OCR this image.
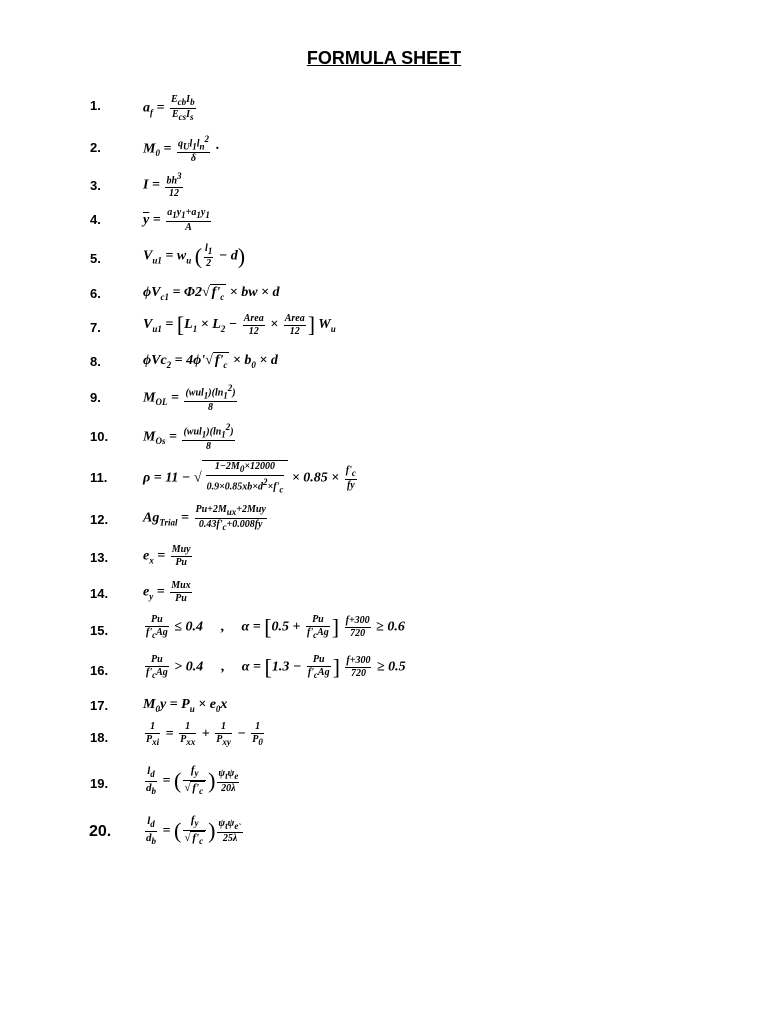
FORMULA SHEET
1.	$a_f = \frac{E_{cb}I_b}{E_{cs}I_s}$
2.	$M_0 = \frac{q_Ul_1l_n^2}{\delta}$ ·
3.	$I = \frac{bh^3}{12}$
4.	$\overline{y} = \frac{a_1y_1+a_1y_1}{A}$
5.	$V_{u1} = w_u$ ( $\frac{l_1}{2} - d$)
6.	$\phi V_{c1} = \Phi 2√$ $f'_c$ × bw × d
7.	$V_{u1} = [L_1 \times L_2 - \frac{\text{Area}}{12} \times \frac{\text{Area}}{12}$ ] $W_u$
8.	ϕVc$_2$ = 4ϕ'√ $f'_c \times b_0 \times d$
9.	$M_{OL} = \frac{(wul_1)(\ln_1^2)}{8}$
10. $M_{Os} = \frac{(wul_1)(\ln_1^2)}{8}$
11.	ρ = 11 − √ $\frac{1-2M_0\times 12000}{0.9\times 0.85xb\times d^2\times f'_c} \times 0.85 \times \frac{f'_c}{fy}$
12. $Ag_{Trial} = \frac{Pu+2M_{ux}+2Muy}{0.43f'_c+0.008fy}$
13. $e_x = \frac{\text{Muy}}{Pu}$
14. $e_y = \frac{\text{Mux}}{Pu}$
15.	$\frac{Pu}{f'_cAg} \le 0.4$     ,     $\alpha = [0.5 + \frac{Pu}{f'_cAg}$ ] $\frac{f+300}{720} \ge 0.6$
16.	$\frac{Pu}{f'_cAg} > 0.4$     ,     $\alpha = [1.3 - \frac{Pu}{f'_cAg}$ ] $\frac{f+300}{720} \ge 0.5$
17. $M_0y = P_u \times e_0x$
18.	$\frac{1}{P_{xi}} = \frac{1}{P_{xx}} + \frac{1}{P_{xy}} - \frac{1}{P_0}$
19.	$\frac{l_d}{d_b}$ = ( $\frac{f_y}{√ f'_c}$ ) $\frac{\psi_t\psi_e}{20\lambda}$
20.	$\frac{l_d}{d_b}$ = ( $\frac{f_y}{√ f'_c}$ ) $\frac{\psi_t\psi_e˴}{25\lambda}$
